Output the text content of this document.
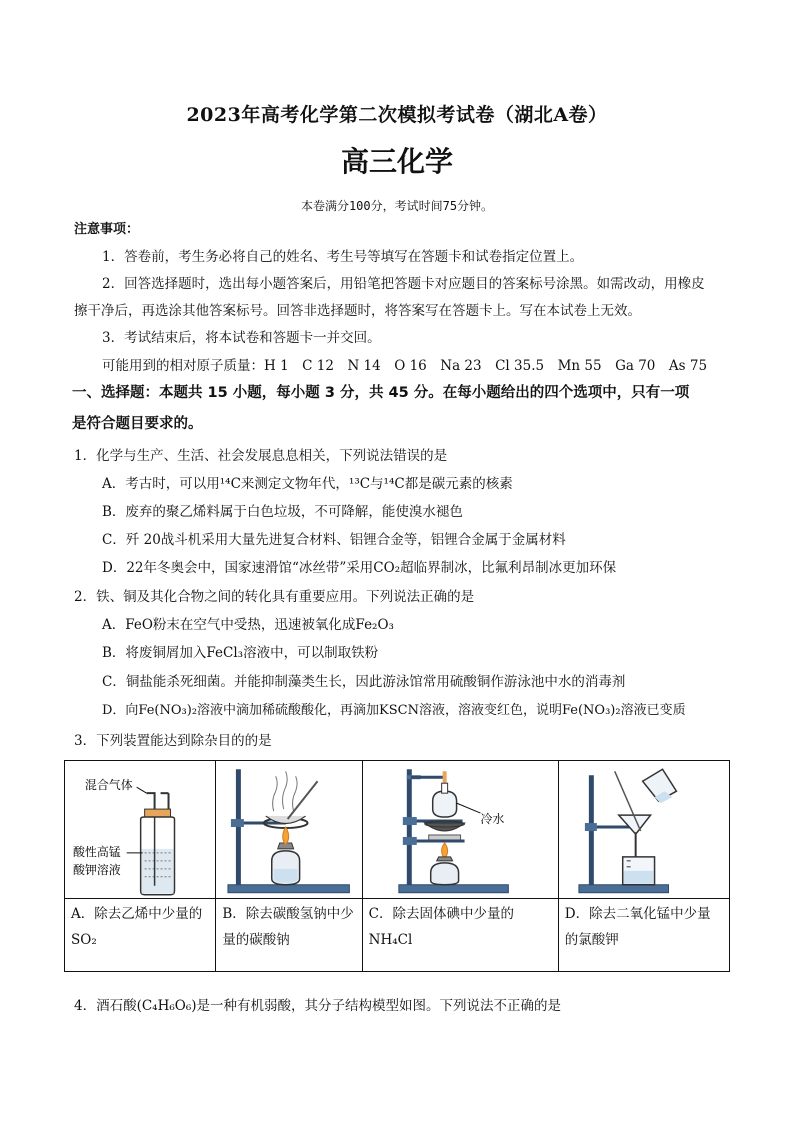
2023年高考化学第二次模拟考试卷（湖北A卷）
高三化学
本卷满分100分，考试时间75分钟。
注意事项：
1．答卷前，考生务必将自己的姓名、考生号等填写在答题卡和试卷指定位置上。
2．回答选择题时，选出每小题答案后，用铅笔把答题卡对应题目的答案标号涂黑。如需改动，用橡皮
擦干净后，再选涂其他答案标号。回答非选择题时，将答案写在答题卡上。写在本试卷上无效。
3．考试结束后，将本试卷和答题卡一并交回。
可能用到的相对原子质量：H 1　C 12　N 14　O 16　Na 23　Cl 35.5　Mn 55　Ga 70　As 75
一、选择题：本题共 15 小题，每小题 3 分，共 45 分。在每小题给出的四个选项中，只有一项
是符合题目要求的。
1．化学与生产、生活、社会发展息息相关，下列说法错误的是
A．考古时，可以用¹⁴C来测定文物年代，¹³C与¹⁴C都是碳元素的核素
B．废弃的聚乙烯料属于白色垃圾，不可降解，能使溴水褪色
C．歼 20战斗机采用大量先进复合材料、铝锂合金等，铝锂合金属于金属材料
D．22年冬奥会中，国家速滑馆“冰丝带”采用CO₂超临界制冰，比氟利昂制冰更加环保
2．铁、铜及其化合物之间的转化具有重要应用。下列说法正确的是
A．FeO粉末在空气中受热，迅速被氧化成Fe₂O₃
B．将废铜屑加入FeCl₃溶液中，可以制取铁粉
C．铜盐能杀死细菌。并能抑制藻类生长，因此游泳馆常用硫酸铜作游泳池中水的消毒剂
D．向Fe(NO₃)₂溶液中滴加稀硫酸酸化，再滴加KSCN溶液，溶液变红色，说明Fe(NO₃)₂溶液已变质
3．下列装置能达到除杂目的的是
混合气体
酸性高锰
酸钾溶液		冷水

A．除去乙烯中少量的SO₂	B．除去碳酸氢钠中少量的碳酸钠	C．除去固体碘中少量的NH₄Cl	D．除去二氧化锰中少量的氯酸钾
4．酒石酸(C₄H₆O₆)是一种有机弱酸，其分子结构模型如图。下列说法不正确的是
